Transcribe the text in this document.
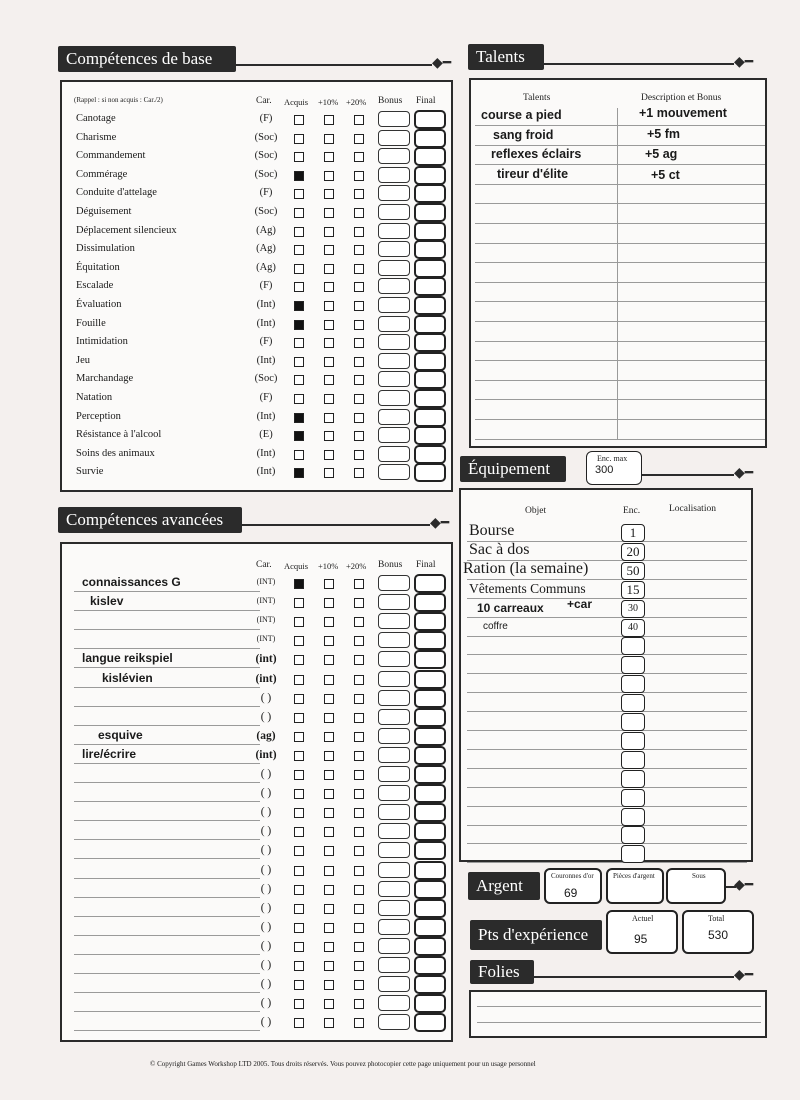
Compétences de base	◆━
(Rappel : si non acquis : Car./2)	Car. Acquis +10% +20% Bonus Final
Canotage	(F)
Charisme	(Soc)
Commandement	(Soc)
Commérage	(Soc)
Conduite d'attelage	(F)
Déguisement	(Soc)
Déplacement silencieux	(Ag)
Dissimulation	(Ag)
Équitation	(Ag)
Escalade	(F)
Évaluation	(Int)
Fouille	(Int)
Intimidation	(F)
Jeu	(Int)
Marchandage	(Soc)
Natation	(F)
Perception	(Int)
Résistance à l'alcool	(E)
Soins des animaux	(Int)
Survie	(Int)
Compétences avancées	◆━
Car. Acquis +10% +20% Bonus Final
connaissances G	(INT)
kislev	(INT)
(INT)
(INT)
langue reikspiel	(int)
kislévien	(int)
( )
( )
esquive	(ag)
lire/écrire	(int)
( )
( )
( )
( )
( )
( )
( )
( )
( )
( )
( )
( )
( )
( )
Talents	◆━
Talents	Description et Bonus
course a pied	+1 mouvement
sang froid	+5 fm
reflexes éclairs	+5 ag
tireur d'élite	+5 ct
Équipement
Enc. max
300	◆━
Objet	Enc.	Localisation
Bourse	1
Sac à dos	20
Ration (la semaine)	50
Vêtements Communs	15
10 carreaux +car	30
coffre	40
Argent	Couronnes d'or
69
Pièces d'argent	Sous
◆━
Pts d'expérience
Actuel
95
Total
530
Folies	◆━
© Copyright Games Workshop LTD 2005. Tous droits réservés. Vous pouvez photocopier cette page uniquement pour un usage personnel
